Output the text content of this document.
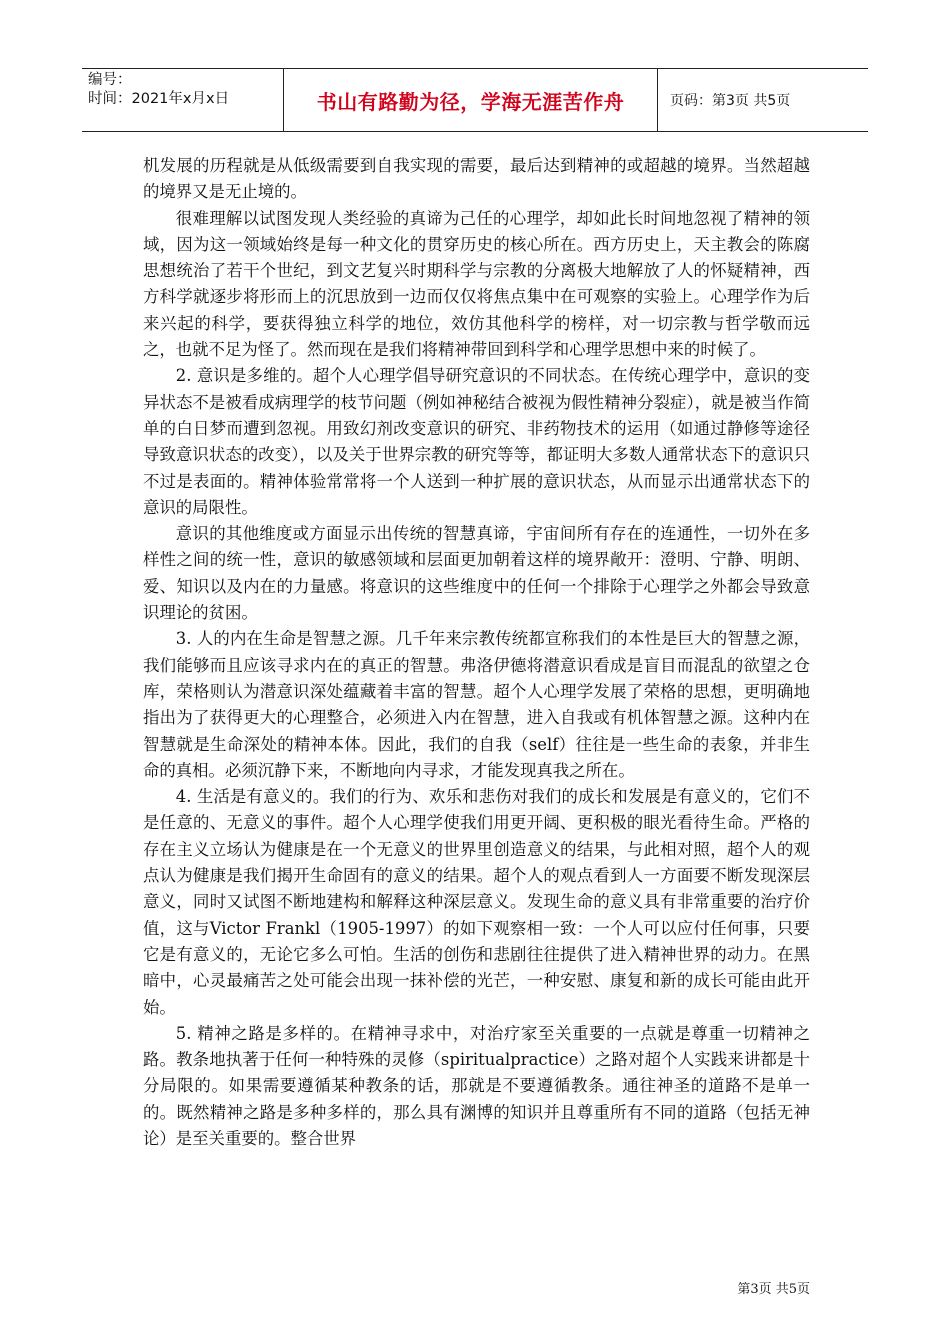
编号：
时间：2021年x月x日	书山有路勤为径，学海无涯苦作舟	页码：第3页 共5页

机发展的历程就是从低级需要到自我实现的需要，最后达到精神的或超越的境界。当然超越的境界又是无止境的。

很难理解以试图发现人类经验的真谛为己任的心理学，却如此长时间地忽视了精神的领域，因为这一领域始终是每一种文化的贯穿历史的核心所在。西方历史上，天主教会的陈腐思想统治了若干个世纪，到文艺复兴时期科学与宗教的分离极大地解放了人的怀疑精神，西方科学就逐步将形而上的沉思放到一边而仅仅将焦点集中在可观察的实验上。心理学作为后来兴起的科学，要获得独立科学的地位，效仿其他科学的榜样，对一切宗教与哲学敬而远之，也就不足为怪了。然而现在是我们将精神带回到科学和心理学思想中来的时候了。

2. 意识是多维的。超个人心理学倡导研究意识的不同状态。在传统心理学中，意识的变异状态不是被看成病理学的枝节问题（例如神秘结合被视为假性精神分裂症），就是被当作简单的白日梦而遭到忽视。用致幻剂改变意识的研究、非药物技术的运用（如通过静修等途径导致意识状态的改变），以及关于世界宗教的研究等等，都证明大多数人通常状态下的意识只不过是表面的。精神体验常常将一个人送到一种扩展的意识状态，从而显示出通常状态下的意识的局限性。

意识的其他维度或方面显示出传统的智慧真谛，宇宙间所有存在的连通性，一切外在多样性之间的统一性，意识的敏感领域和层面更加朝着这样的境界敞开：澄明、宁静、明朗、爱、知识以及内在的力量感。将意识的这些维度中的任何一个排除于心理学之外都会导致意识理论的贫困。

3. 人的内在生命是智慧之源。几千年来宗教传统都宣称我们的本性是巨大的智慧之源，我们能够而且应该寻求内在的真正的智慧。弗洛伊德将潜意识看成是盲目而混乱的欲望之仓库，荣格则认为潜意识深处蕴藏着丰富的智慧。超个人心理学发展了荣格的思想，更明确地指出为了获得更大的心理整合，必须进入内在智慧，进入自我或有机体智慧之源。这种内在智慧就是生命深处的精神本体。因此，我们的自我（self）往往是一些生命的表象，并非生命的真相。必须沉静下来，不断地向内寻求，才能发现真我之所在。

4. 生活是有意义的。我们的行为、欢乐和悲伤对我们的成长和发展是有意义的，它们不是任意的、无意义的事件。超个人心理学使我们用更开阔、更积极的眼光看待生命。严格的存在主义立场认为健康是在一个无意义的世界里创造意义的结果，与此相对照，超个人的观点认为健康是我们揭开生命固有的意义的结果。超个人的观点看到人一方面要不断发现深层意义，同时又试图不断地建构和解释这种深层意义。发现生命的意义具有非常重要的治疗价值，这与Victor Frankl（1905-1997）的如下观察相一致：一个人可以应付任何事，只要它是有意义的，无论它多么可怕。生活的创伤和悲剧往往提供了进入精神世界的动力。在黑暗中，心灵最痛苦之处可能会出现一抹补偿的光芒，一种安慰、康复和新的成长可能由此开始。

5. 精神之路是多样的。在精神寻求中，对治疗家至关重要的一点就是尊重一切精神之路。教条地执著于任何一种特殊的灵修（spiritualpractice）之路对超个人实践来讲都是十分局限的。如果需要遵循某种教条的话，那就是不要遵循教条。通往神圣的道路不是单一的。既然精神之路是多种多样的，那么具有渊博的知识并且尊重所有不同的道路（包括无神论）是至关重要的。整合世界

第3页 共5页
